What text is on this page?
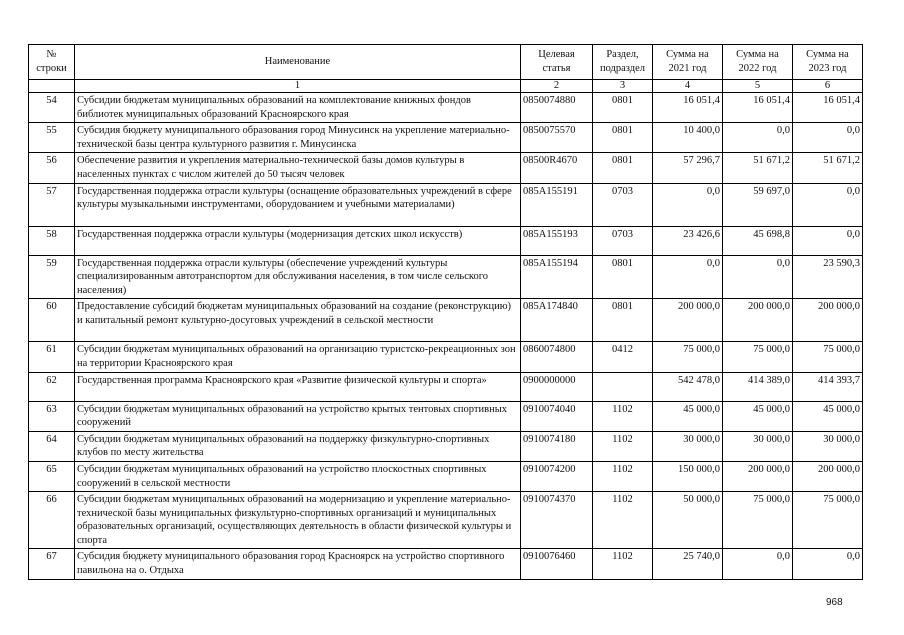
№ строки	Наименование	Целевая статья	Раздел, подраздел	Сумма на 2021 год	Сумма на 2022 год	Сумма на 2023 год
	1	2	3	4	5	6
54	Субсидии бюджетам муниципальных образований на комплектование книжных фондов библиотек муниципальных образований Красноярского края	0850074880	0801	16 051,4	16 051,4	16 051,4
55	Субсидия бюджету муниципального образования город Минусинск на укрепление материально-технической базы центра культурного развития г. Минусинска	0850075570	0801	10 400,0	0,0	0,0
56	Обеспечение развития и укрепления материально-технической базы домов культуры в населенных пунктах с числом жителей до 50 тысяч человек	08500R4670	0801	57 296,7	51 671,2	51 671,2
57	Государственная поддержка отрасли культуры (оснащение образовательных учреждений в сфере культуры музыкальными инструментами, оборудованием и учебными материалами)	085A155191	0703	0,0	59 697,0	0,0
58	Государственная поддержка отрасли культуры (модернизация детских школ искусств)	085A155193	0703	23 426,6	45 698,8	0,0
59	Государственная поддержка отрасли культуры (обеспечение учреждений культуры специализированным автотранспортом для обслуживания населения, в том числе сельского населения)	085A155194	0801	0,0	0,0	23 590,3
60	Предоставление субсидий бюджетам муниципальных образований на создание (реконструкцию) и капитальный ремонт культурно-досуговых учреждений в сельской местности	085A174840	0801	200 000,0	200 000,0	200 000,0
61	Субсидии бюджетам муниципальных образований на организацию туристско-рекреационных зон на территории Красноярского края	0860074800	0412	75 000,0	75 000,0	75 000,0
62	Государственная программа Красноярского края «Развитие физической культуры и спорта»	0900000000		542 478,0	414 389,0	414 393,7
63	Субсидии бюджетам муниципальных образований на устройство крытых тентовых спортивных сооружений	0910074040	1102	45 000,0	45 000,0	45 000,0
64	Субсидии бюджетам муниципальных образований на поддержку физкультурно-спортивных клубов по месту жительства	0910074180	1102	30 000,0	30 000,0	30 000,0
65	Субсидии бюджетам муниципальных образований на устройство плоскостных спортивных сооружений в сельской местности	0910074200	1102	150 000,0	200 000,0	200 000,0
66	Субсидии бюджетам муниципальных образований на модернизацию и укрепление материально-технической базы муниципальных физкультурно-спортивных организаций и муниципальных образовательных организаций, осуществляющих деятельность в области физической культуры и спорта	0910074370	1102	50 000,0	75 000,0	75 000,0
67	Субсидия бюджету муниципального образования город Красноярск на устройство спортивного павильона на о. Отдыха	0910076460	1102	25 740,0	0,0	0,0
968
